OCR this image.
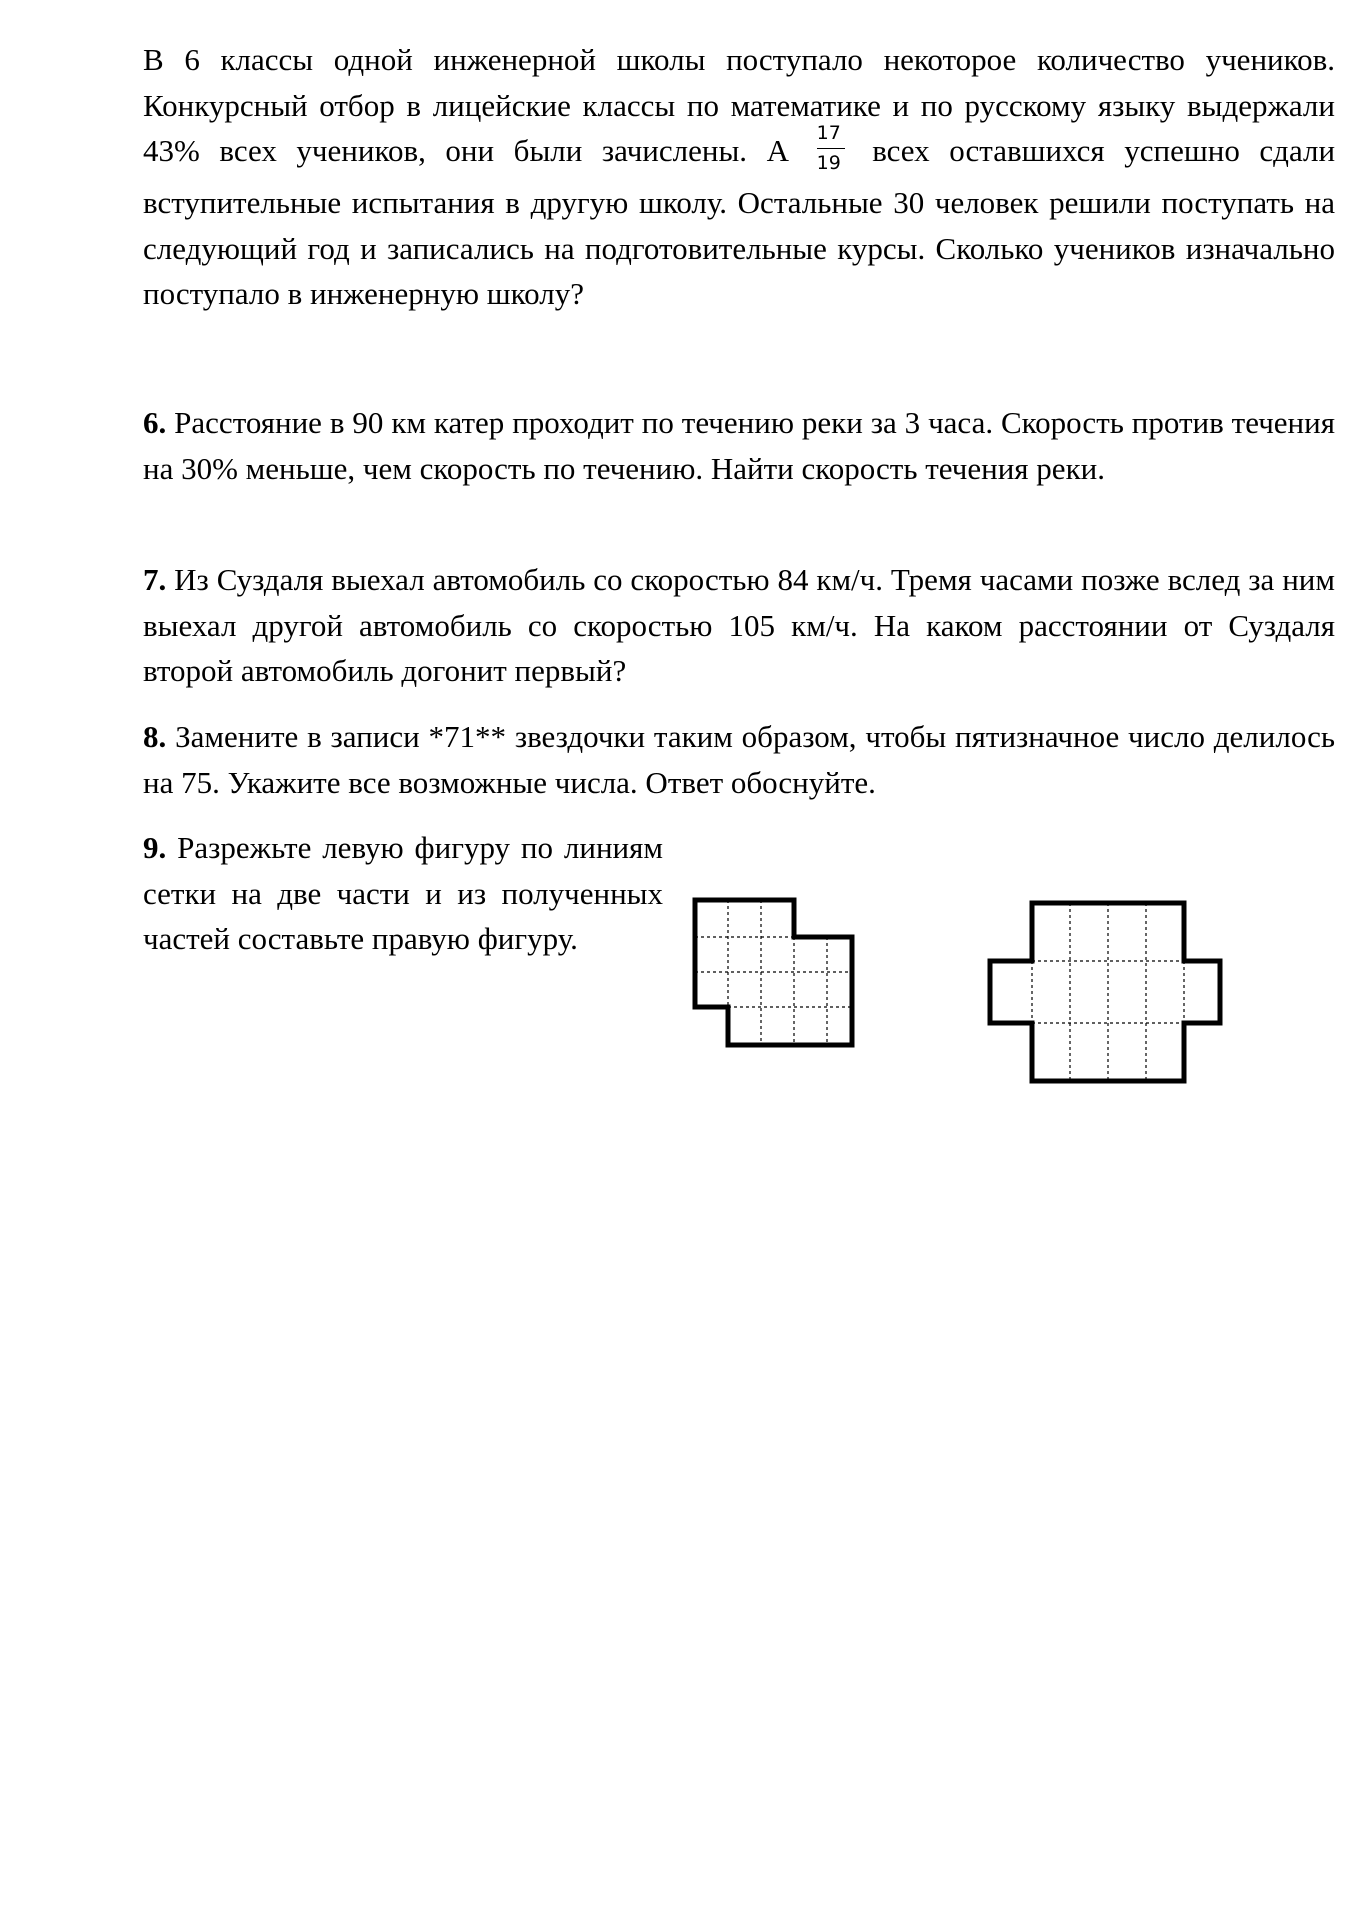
В 6 классы одной инженерной школы поступало некоторое количество учеников. Конкурсный отбор в лицейские классы по математике и по русскому языку выдержали 43% всех учеников, они были зачислены. А $\frac{17}{19}$ всех оставшихся успешно сдали вступительные испытания в другую школу. Остальные 30 человек решили поступать на следующий год и записались на подготовительные курсы. Сколько учеников изначально поступало в инженерную школу?
6. Расстояние в 90 км катер проходит по течению реки за 3 часа. Скорость против течения на 30% меньше, чем скорость по течению. Найти скорость течения реки.
7. Из Суздаля выехал автомобиль со скоростью 84 км/ч. Тремя часами позже вслед за ним выехал другой автомобиль со скоростью 105 км/ч. На каком расстоянии от Суздаля второй автомобиль догонит первый?
8. Замените в записи *71** звездочки таким образом, чтобы пятизначное число делилось на 75. Укажите все возможные числа. Ответ обоснуйте.
9. Разрежьте левую фигуру по линиям сетки на две части и из полученных частей составьте правую фигуру.
